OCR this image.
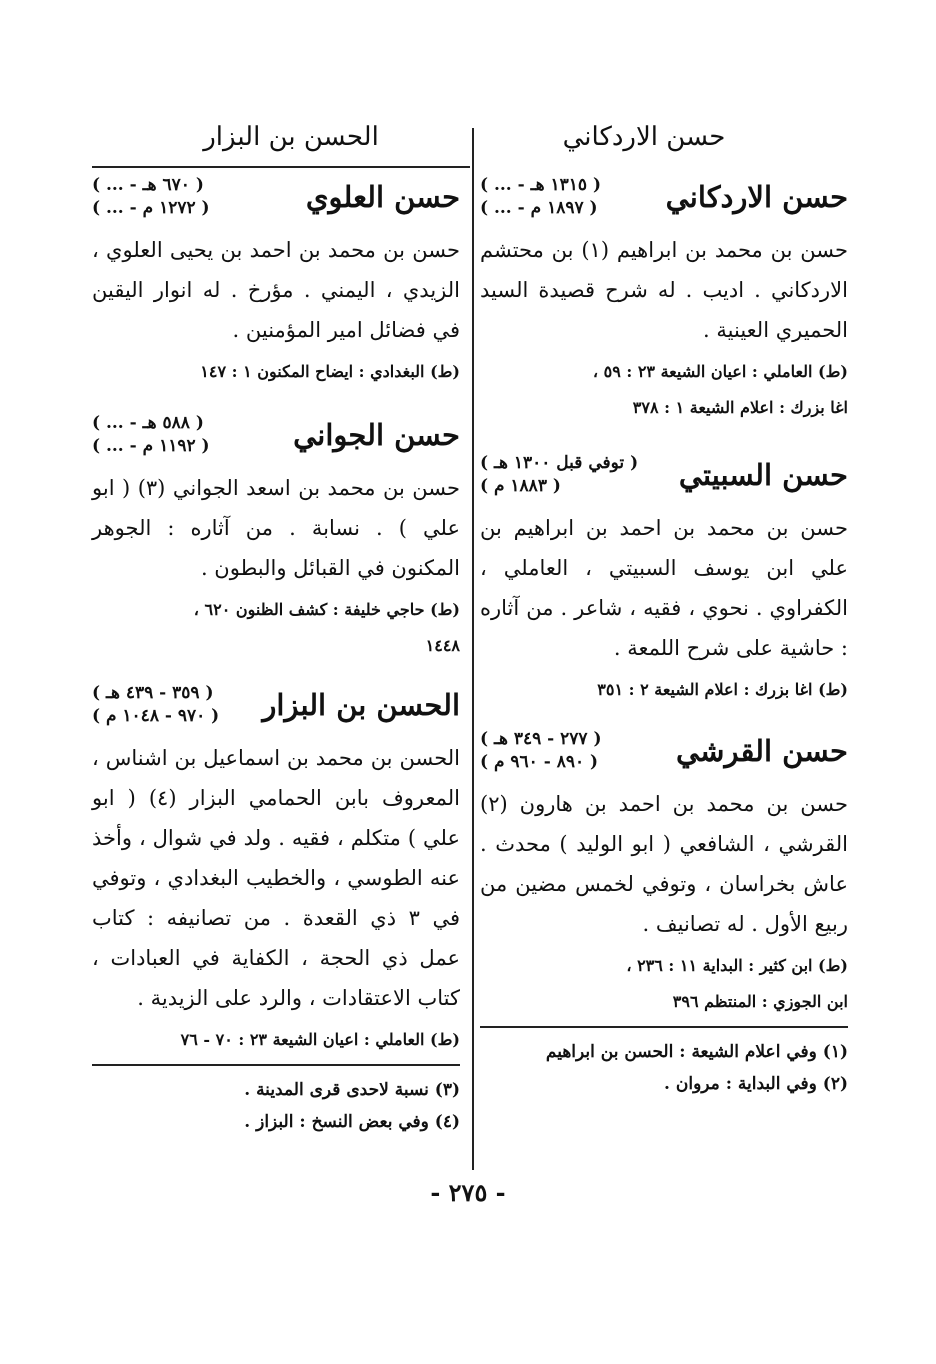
حسن الاردكاني
حسن الاردكاني
( ... - ١٣١٥ هـ )
( ... - ١٨٩٧ م )

حسن بن محمد بن ابراهيم (١) بن محتشم الاردكاني . اديب . له شرح قصيدة السيد الحميري العينية .

(ط) العاملي : اعيان الشيعة ٢٣ : ٥٩ ،
اغا بزرك : اعلام الشيعة ١ : ٣٧٨
حسن السبيتي
( توفي قبل ١٣٠٠ هـ )
( ١٨٨٣ م )

حسن بن محمد بن احمد بن ابراهيم بن علي ابن يوسف السبيتي ، العاملي ، الكفراوي . نحوي ، فقيه ، شاعر . من آثاره : حاشية على شرح اللمعة .

(ط) اغا بزرك : اعلام الشيعة ٢ : ٣٥١
حسن القرشي
( ٢٧٧ - ٣٤٩ هـ )
( ٨٩٠ - ٩٦٠ م )

حسن بن محمد بن احمد بن هارون (٢) القرشي ، الشافعي ( ابو الوليد ) محدث . عاش بخراسان ، وتوفي لخمس مضين من ربيع الأول . له تصانيف .

(ط) ابن كثير : البداية ١١ : ٢٣٦ ،
ابن الجوزي : المنتظم ٣٩٦
(١) وفي اعلام الشيعة : الحسن بن ابراهيم
(٢) وفي البداية : مروان .
الحسن بن البزار
حسن العلوي
( ... - ٦٧٠ هـ )
( ... - ١٢٧٢ م )

حسن بن محمد بن احمد بن يحيى العلوي ، الزيدي ، اليمني . مؤرخ . له انوار اليقين في فضائل امير المؤمنين .

(ط) البغدادي : ايضاح المكنون ١ : ١٤٧
حسن الجواني
( ... - ٥٨٨ هـ )
( ... - ١١٩٢ م )

حسن بن محمد بن اسعد الجواني (٣) ( ابو علي ) . نسابة . من آثاره : الجوهر المكنون في القبائل والبطون .

(ط) حاجي خليفة : كشف الظنون ٦٢٠ ،
١٤٤٨
الحسن بن البزار
( ٣٥٩ - ٤٣٩ هـ )
( ٩٧٠ - ١٠٤٨ م )

الحسن بن محمد بن اسماعيل بن اشناس ، المعروف بابن الحمامي البزار (٤) ( ابو علي ) متكلم ، فقيه . ولد في شوال ، وأخذ عنه الطوسي ، والخطيب البغدادي ، وتوفي في ٣ ذي القعدة . من تصانيفه : كتاب عمل ذي الحجة ، الكفاية في العبادات ، كتاب الاعتقادات ، والرد على الزيدية .

(ط) العاملي : اعيان الشيعة ٢٣ : ٧٠ - ٧٦
(٣) نسبة لاحدى قرى المدينة .
(٤) وفي بعض النسخ : البزاز .
- ٢٧٥ -
